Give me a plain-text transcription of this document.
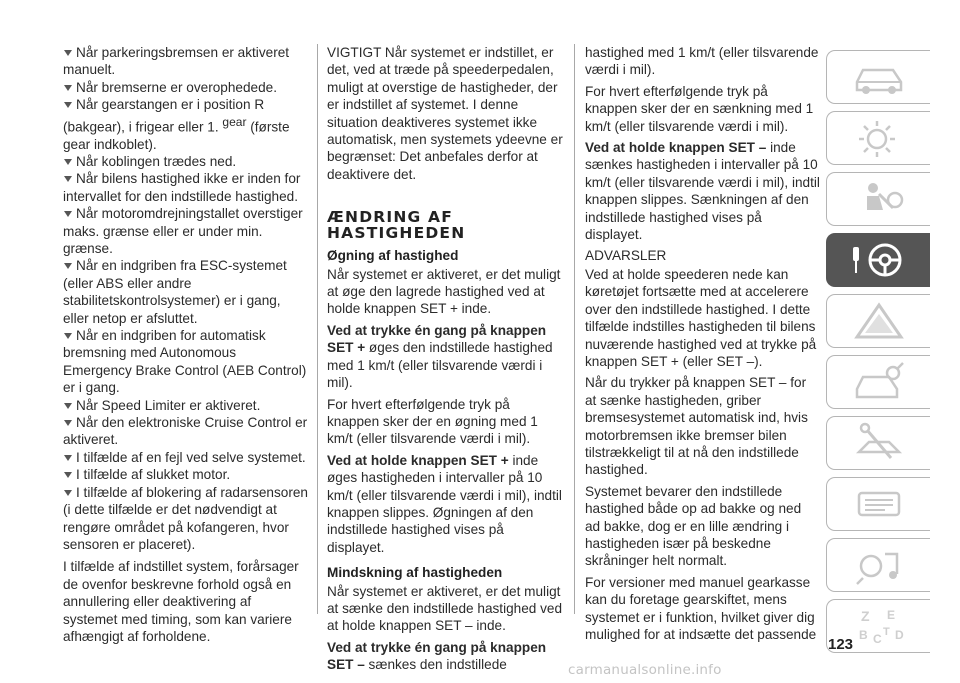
Når parkeringsbremsen er aktiveret manuelt.
Når bremserne er overophedede.
Når gearstangen er i position R (bakgear), i frigear eller 1. $^{gear}$ (første gear indkoblet).
Når koblingen trædes ned.
Når bilens hastighed ikke er inden for intervallet for den indstillede hastighed.
Når motoromdrejningstallet overstiger maks. grænse eller er under min. grænse.
Når en indgriben fra ESC-systemet (eller ABS eller andre stabilitetskontrolsystemer) er i gang, eller netop er afsluttet.
Når en indgriben for automatisk bremsning med Autonomous Emergency Brake Control (AEB Control) er i gang.
Når Speed Limiter er aktiveret.
Når den elektroniske Cruise Control er aktiveret.
I tilfælde af en fejl ved selve systemet.
I tilfælde af slukket motor.
I tilfælde af blokering af radarsensoren (i dette tilfælde er det nødvendigt at rengøre området på kofangeren, hvor sensoren er placeret).

I tilfælde af indstillet system, forårsager de ovenfor beskrevne forhold også en annullering eller deaktivering af systemet med timing, som kan variere afhængigt af forholdene.

VIGTIGT Når systemet er indstillet, er det, ved at træde på speederpedalen, muligt at overstige de hastigheder, der er indstillet af systemet. I denne situation deaktiveres systemet ikke automatisk, men systemets ydeevne er begrænset: Det anbefales derfor at deaktivere det.

ÆNDRING AF HASTIGHEDEN
Øgning af hastighed

Når systemet er aktiveret, er det muligt at øge den lagrede hastighed ved at holde knappen SET + inde.

Ved at trykke én gang på knappen SET + øges den indstillede hastighed med 1 km/t (eller tilsvarende værdi i mil).

For hvert efterfølgende tryk på knappen sker der en øgning med 1 km/t (eller tilsvarende værdi i mil).

Ved at holde knappen SET + inde øges hastigheden i intervaller på 10 km/t (eller tilsvarende værdi i mil), indtil knappen slippes. Øgningen af den indstillede hastighed vises på displayet.

Mindskning af hastigheden

Når systemet er aktiveret, er det muligt at sænke den indstillede hastighed ved at holde knappen SET – inde.

Ved at trykke én gang på knappen SET – sænkes den indstillede

hastighed med 1 km/t (eller tilsvarende værdi i mil).

For hvert efterfølgende tryk på knappen sker der en sænkning med 1 km/t (eller tilsvarende værdi i mil).

Ved at holde knappen SET – inde sænkes hastigheden i intervaller på 10 km/t (eller tilsvarende værdi i mil), indtil knappen slippes. Sænkningen af den indstillede hastighed vises på displayet.

ADVARSLER

Ved at holde speederen nede kan køretøjet fortsætte med at accelerere over den indstillede hastighed. I dette tilfælde indstilles hastigheden til bilens nuværende hastighed ved at trykke på knappen SET + (eller SET –).

Når du trykker på knappen SET – for at sænke hastigheden, griber bremsesystemet automatisk ind, hvis motorbremsen ikke bremser bilen tilstrækkeligt til at nå den indstillede hastighed.

Systemet bevarer den indstillede hastighed både op ad bakke og ned ad bakke, dog er en lille ændring i hastigheden især på beskedne skråninger helt normalt.

For versioner med manuel gearkasse kan du foretage gearskiftet, mens systemet er i funktion, hvilket giver dig mulighed for at indsætte det passende

Z E
B C T D
123
carmanualsonline.info
